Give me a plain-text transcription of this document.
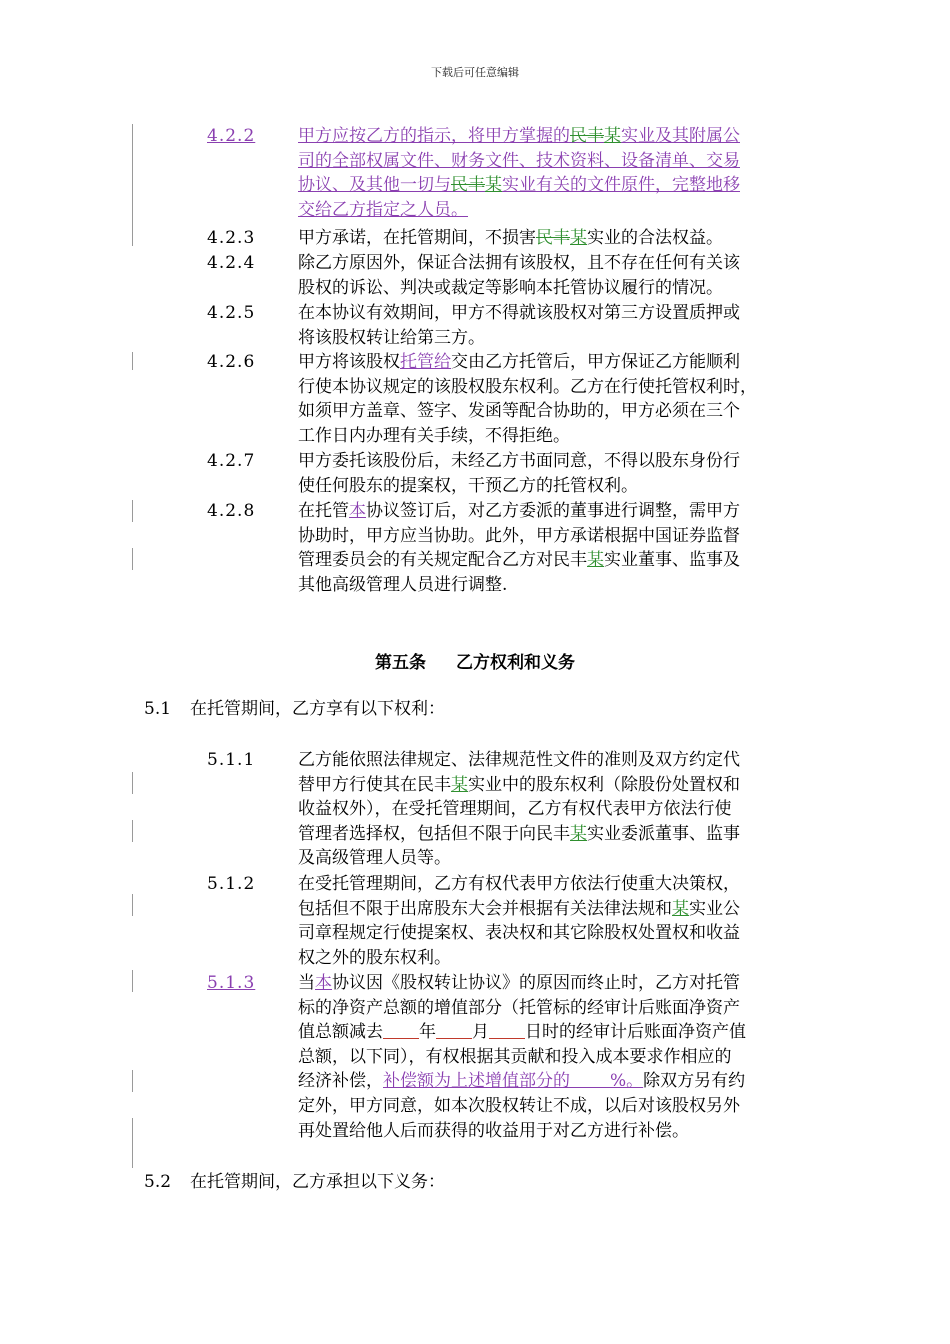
下载后可任意编辑
4.2.2	甲方应按乙方的指示，将甲方掌握的民丰某实业及其附属公
司的全部权属文件、财务文件、技术资料、设备清单、交易
协议、及其他一切与民丰某实业有关的文件原件，完整地移
交给乙方指定之人员。
4.2.3	甲方承诺，在托管期间，不损害民丰某实业的合法权益。
4.2.4	除乙方原因外，保证合法拥有该股权，且不存在任何有关该
股权的诉讼、判决或裁定等影响本托管协议履行的情况。
4.2.5	在本协议有效期间，甲方不得就该股权对第三方设置质押或
将该股权转让给第三方。
4.2.6	甲方将该股权托管给交由乙方托管后，甲方保证乙方能顺利
行使本协议规定的该股权股东权利。乙方在行使托管权利时，
如须甲方盖章、签字、发函等配合协助的，甲方必须在三个
工作日内办理有关手续，不得拒绝。
4.2.7	甲方委托该股份后，未经乙方书面同意，不得以股东身份行
使任何股东的提案权，干预乙方的托管权利。
4.2.8	在托管本协议签订后，对乙方委派的董事进行调整，需甲方
协助时，甲方应当协助。此外，甲方承诺根据中国证券监督
管理委员会的有关规定配合乙方对民丰某实业董事、监事及
其他高级管理人员进行调整.
第五条 乙方权利和义务
5.1 在托管期间，乙方享有以下权利：
5.1.1	乙方能依照法律规定、法律规范性文件的准则及双方约定代
替甲方行使其在民丰某实业中的股东权利（除股份处置权和
收益权外），在受托管理期间，乙方有权代表甲方依法行使
管理者选择权，包括但不限于向民丰某实业委派董事、监事
及高级管理人员等。
5.1.2	在受托管理期间，乙方有权代表甲方依法行使重大决策权，
包括但不限于出席股东大会并根据有关法律法规和某实业公
司章程规定行使提案权、表决权和其它除股权处置权和收益
权之外的股东权利。
5.1.3	当本协议因《股权转让协议》的原因而终止时，乙方对托管
标的净资产总额的增值部分（托管标的经审计后账面净资产
值总额减去 年 月 日时的经审计后账面净资产值
总额，以下同），有权根据其贡献和投入成本要求作相应的
经济补偿，补偿额为上述增值部分的 %。除双方另有约
定外，甲方同意，如本次股权转让不成，以后对该股权另外
再处置给他人后而获得的收益用于对乙方进行补偿。
5.2 在托管期间，乙方承担以下义务：
